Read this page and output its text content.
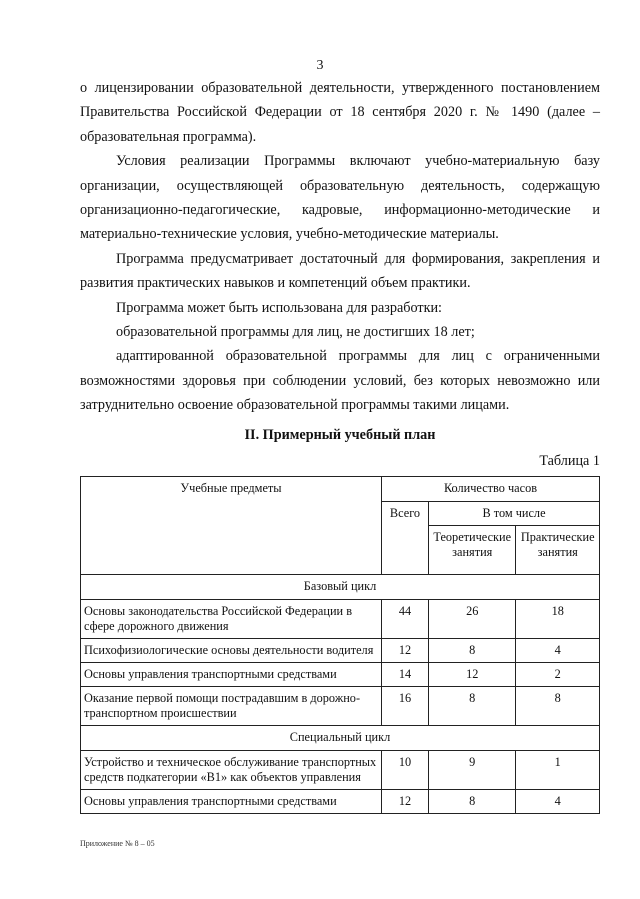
3

о лицензировании образовательной деятельности, утвержденного постановлением Правительства Российской Федерации от 18 сентября 2020 г. № 1490 (далее – образовательная программа).

Условия реализации Программы включают учебно-материальную базу организации, осуществляющей образовательную деятельность, содержащую организационно-педагогические, кадровые, информационно-методические и материально-технические условия, учебно-методические материалы.

Программа предусматривает достаточный для формирования, закрепления и развития практических навыков и компетенций объем практики.

Программа может быть использована для разработки:

образовательной программы для лиц, не достигших 18 лет;

адаптированной образовательной программы для лиц с ограниченными возможностями здоровья при соблюдении условий, без которых невозможно или затруднительно освоение образовательной программы такими лицами.

II. Примерный учебный план
Таблица 1
Учебные предметы	Количество часов		
	Всего	В том числе	
		Теоретические занятия	Практические занятия
Базовый цикл			
Основы законодательства Российской Федерации в сфере дорожного движения	44	26	18
Психофизиологические основы деятельности водителя	12	8	4
Основы управления транспортными средствами	14	12	2
Оказание первой помощи пострадавшим в дорожно-транспортном происшествии	16	8	8
Специальный цикл			
Устройство и техническое обслуживание транспортных средств подкатегории «B1» как объектов управления	10	9	1
Основы управления транспортными средствами	12	8	4
Приложение № 8 – 05
